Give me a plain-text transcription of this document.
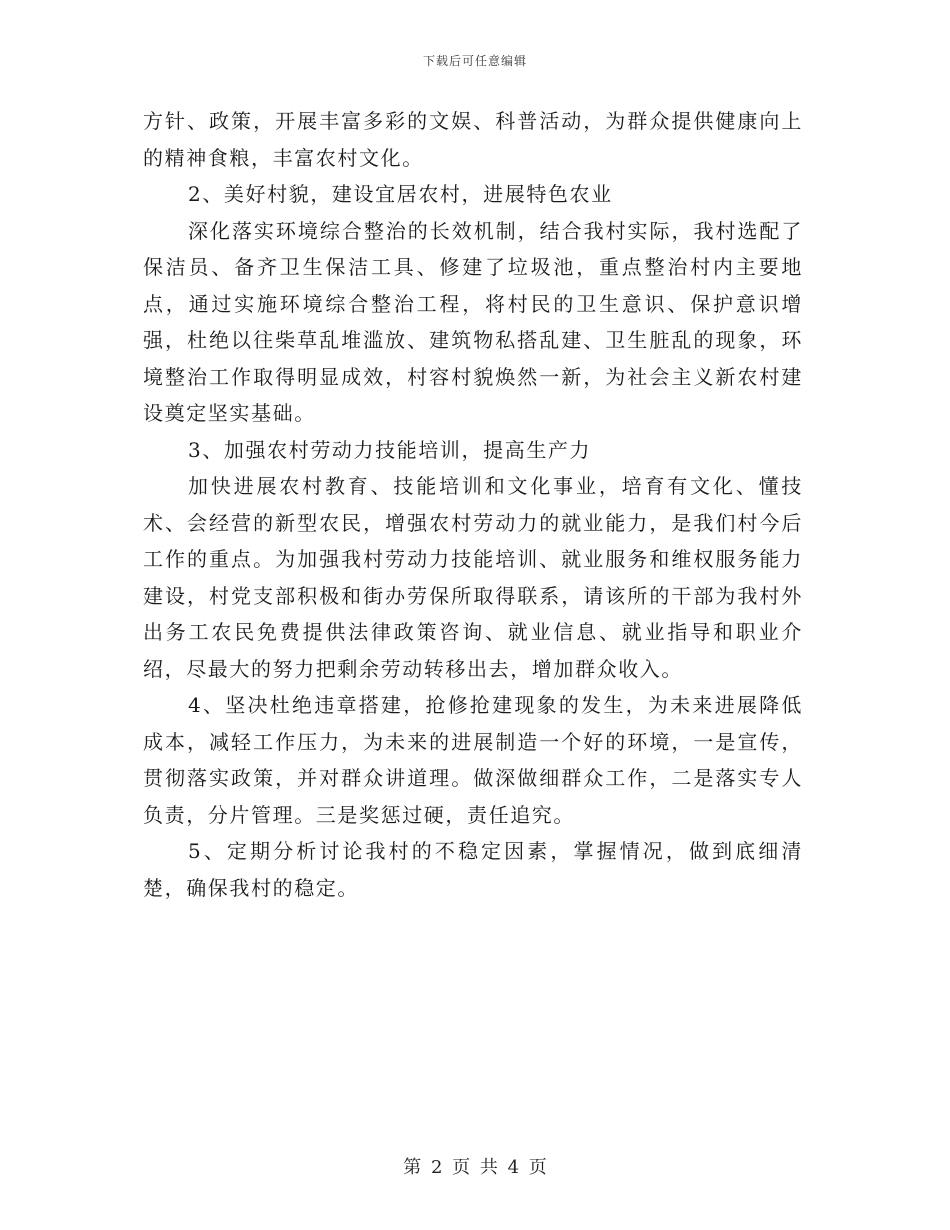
下载后可任意编辑

方针、政策，开展丰富多彩的文娱、科普活动，为群众提供健康向上的精神食粮，丰富农村文化。

2、美好村貌，建设宜居农村，进展特色农业

深化落实环境综合整治的长效机制，结合我村实际，我村选配了保洁员、备齐卫生保洁工具、修建了垃圾池，重点整治村内主要地点，通过实施环境综合整治工程，将村民的卫生意识、保护意识增强，杜绝以往柴草乱堆滥放、建筑物私搭乱建、卫生脏乱的现象，环境整治工作取得明显成效，村容村貌焕然一新，为社会主义新农村建设奠定坚实基础。

3、加强农村劳动力技能培训，提高生产力

加快进展农村教育、技能培训和文化事业，培育有文化、懂技术、会经营的新型农民，增强农村劳动力的就业能力，是我们村今后工作的重点。为加强我村劳动力技能培训、就业服务和维权服务能力建设，村党支部积极和街办劳保所取得联系，请该所的干部为我村外出务工农民免费提供法律政策咨询、就业信息、就业指导和职业介绍，尽最大的努力把剩余劳动转移出去，增加群众收入。

4、坚决杜绝违章搭建，抢修抢建现象的发生，为未来进展降低成本，减轻工作压力，为未来的进展制造一个好的环境，一是宣传，贯彻落实政策，并对群众讲道理。做深做细群众工作，二是落实专人负责，分片管理。三是奖惩过硬，责任追究。

5、定期分析讨论我村的不稳定因素，掌握情况，做到底细清楚，确保我村的稳定。

第 2 页 共 4 页
